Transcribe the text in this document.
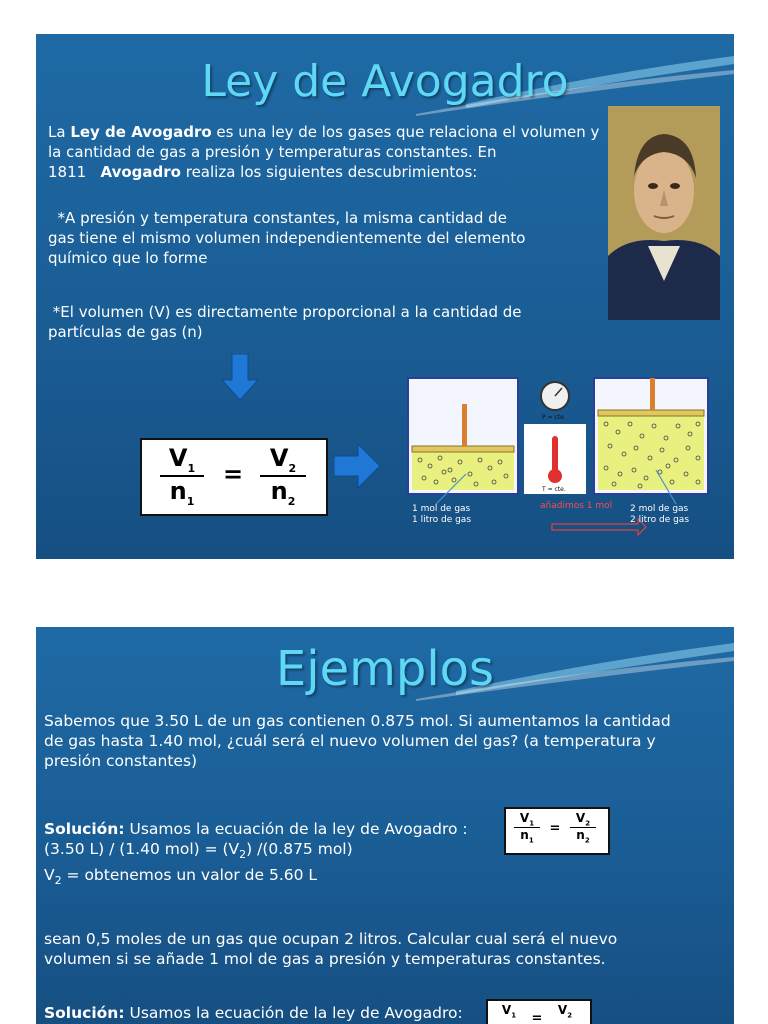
Ley de Avogadro
La Ley de Avogadro es una ley de los gases que relaciona el volumen y
la cantidad de gas a presión y temperaturas constantes. En
1811 Avogadro realiza los siguientes descubrimientos:
*A presión y temperatura constantes, la misma cantidad de
gas tiene el mismo volumen independientemente del elemento
químico que lo forme
*El volumen (V) es directamente proporcional a la cantidad de
partículas de gas (n)
$V_1$
$n_1$
=
$V_2$
$n_2$
P = cte.
T = cte.
1 mol de gas
1 litro de gas
añadimos 1 mol 2 mol de gas
2 litro de gas
Ejemplos
Sabemos que 3.50 L de un gas contienen 0.875 mol. Si aumentamos la cantidad
de gas hasta 1.40 mol, ¿cuál será el nuevo volumen del gas? (a temperatura y
presión constantes)
Solución: Usamos la ecuación de la ley de Avogadro :
(3.50 L) / (1.40 $mol) = (V_2)$ /(0.875 mol)
$V_2$ = obtenemos un valor de 5.60 L
$V_1$
$n_1$
=
$V_2$
$n_2$
sean 0,5 moles de un gas que ocupan 2 litros. Calcular cual será el nuevo
volumen si se añade 1 mol de gas a presión y temperaturas constantes.
Solución: Usamos la ecuación de la ley de Avogadro:	$V_1$	=
$V_2$
